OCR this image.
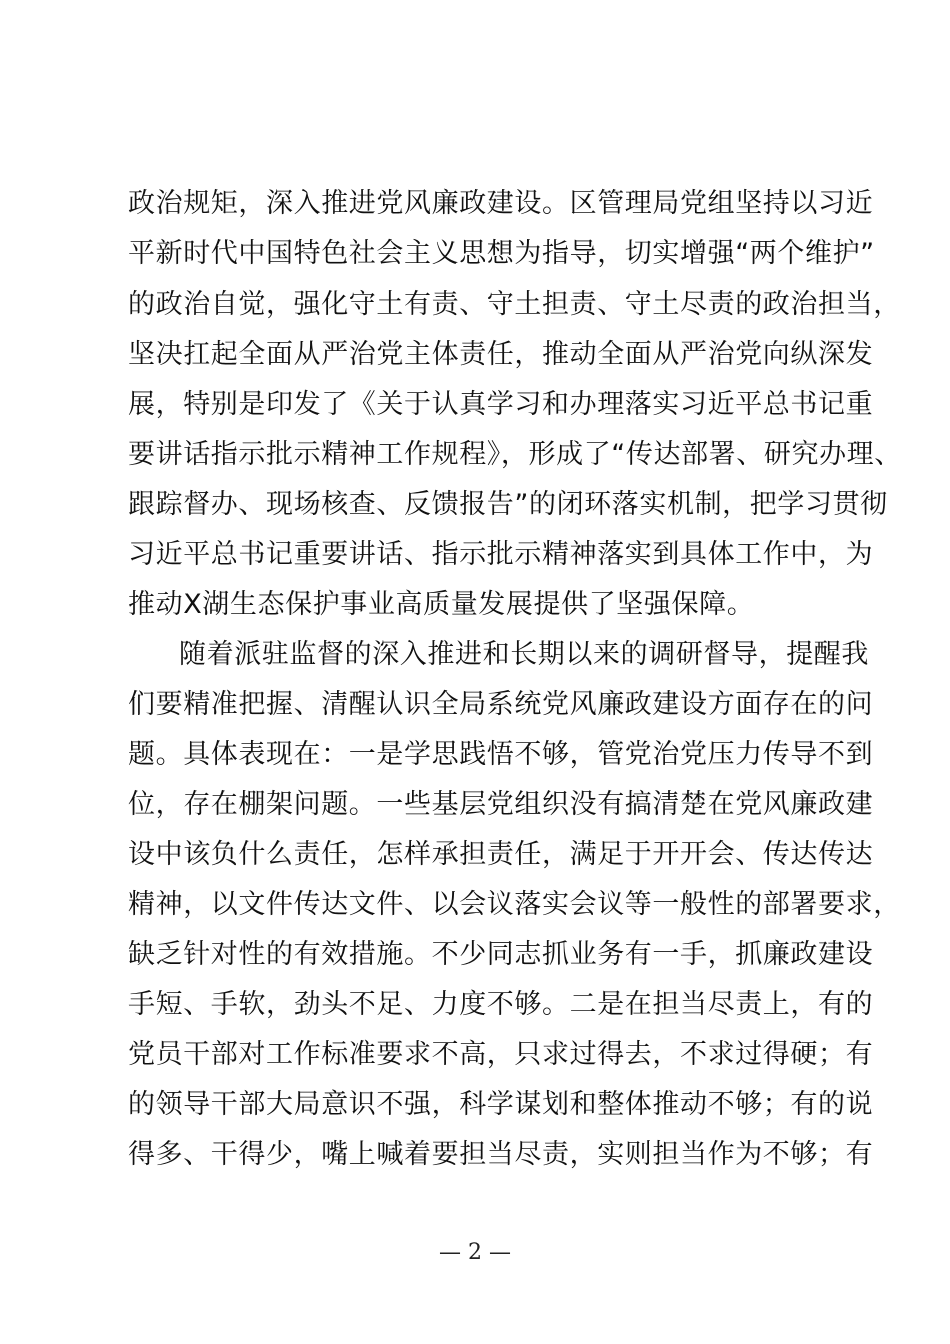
政治规矩，深入推进党风廉政建设。区管理局党组坚持以习近
平新时代中国特色社会主义思想为指导，切实增强“两个维护”
的政治自觉，强化守土有责、守土担责、守土尽责的政治担当，
坚决扛起全面从严治党主体责任，推动全面从严治党向纵深发
展，特别是印发了《关于认真学习和办理落实习近平总书记重
要讲话指示批示精神工作规程》，形成了“传达部署、研究办理、
跟踪督办、现场核查、反馈报告”的闭环落实机制，把学习贯彻
习近平总书记重要讲话、指示批示精神落实到具体工作中，为
推动X湖生态保护事业高质量发展提供了坚强保障。
随着派驻监督的深入推进和长期以来的调研督导，提醒我
们要精准把握、清醒认识全局系统党风廉政建设方面存在的问
题。具体表现在：一是学思践悟不够，管党治党压力传导不到
位，存在棚架问题。一些基层党组织没有搞清楚在党风廉政建
设中该负什么责任，怎样承担责任，满足于开开会、传达传达
精神，以文件传达文件、以会议落实会议等一般性的部署要求，
缺乏针对性的有效措施。不少同志抓业务有一手，抓廉政建设
手短、手软，劲头不足、力度不够。二是在担当尽责上，有的
党员干部对工作标准要求不高，只求过得去，不求过得硬；有
的领导干部大局意识不强，科学谋划和整体推动不够；有的说
得多、干得少，嘴上喊着要担当尽责，实则担当作为不够；有
— 2 —
